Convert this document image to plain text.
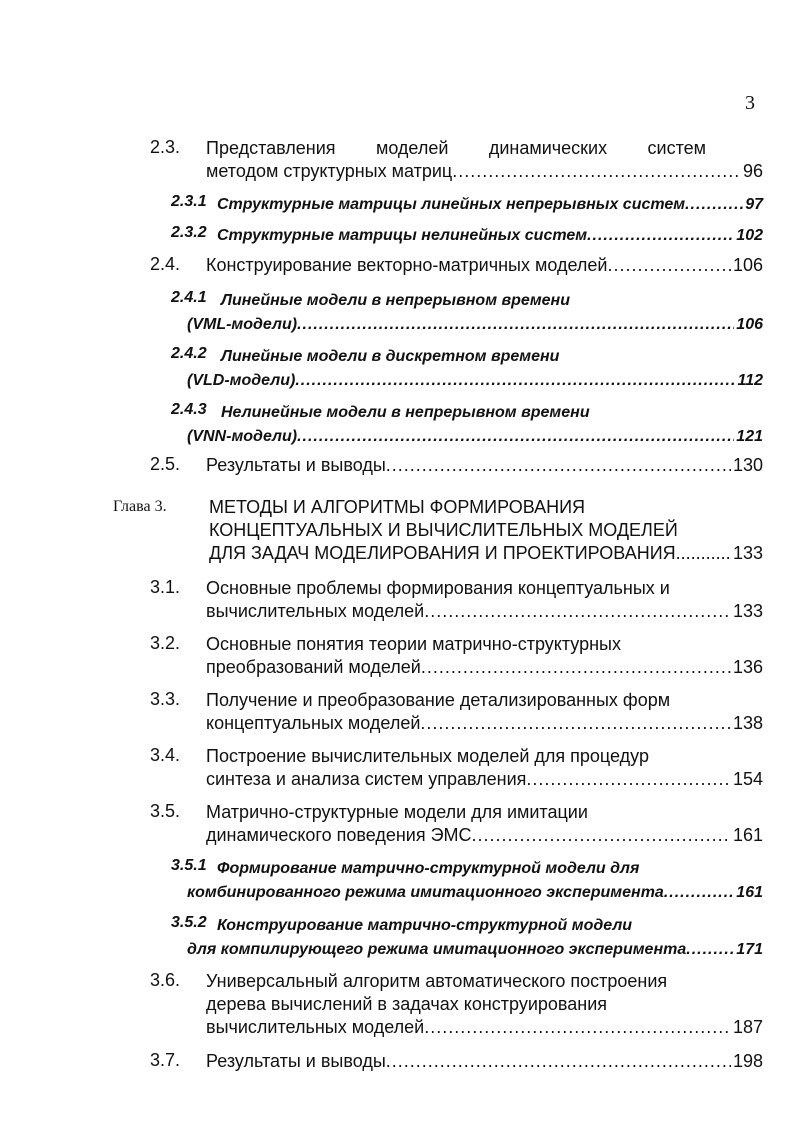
3
2.3. Представления моделей динамических систем
методом структурных матриц .....	96
2.3.1 Структурные матрицы линейных непрерывных систем .....	97
2.3.2 Структурные матрицы нелинейных систем .....	102
2.4. Конструирование векторно-матричных моделей .....	106
2.4.1 Линейные модели в непрерывном времени
(VML-модели) .....	106
2.4.2 Линейные модели в дискретном времени
(VLD-модели) .....	112
2.4.3 Нелинейные модели в непрерывном времени
(VNN-модели) .....	121
2.5. Результаты и выводы .....	130
Глава 3. МЕТОДЫ И АЛГОРИТМЫ ФОРМИРОВАНИЯ
КОНЦЕПТУАЛЬНЫХ И ВЫЧИСЛИТЕЛЬНЫХ МОДЕЛЕЙ
ДЛЯ ЗАДАЧ МОДЕЛИРОВАНИЯ И ПРОЕКТИРОВАНИЯ .....	133
3.1. Основные проблемы формирования концептуальных и
вычислительных моделей .....	133
3.2. Основные понятия теории матрично-структурных
преобразований моделей .....	136
3.3. Получение и преобразование детализированных форм
концептуальных моделей .....	138
3.4. Построение вычислительных моделей для процедур
синтеза и анализа систем управления .....	154
3.5. Матрично-структурные модели для имитации
динамического поведения ЭМС .....	161
3.5.1 Формирование матрично-структурной модели для
комбинированного режима имитационного эксперимента .....	161
3.5.2 Конструирование матрично-структурной модели
для компилирующего режима имитационного эксперимента .....	171
3.6. Универсальный алгоритм автоматического построения
дерева вычислений в задачах конструирования
вычислительных моделей .....	187
3.7. Результаты и выводы .....	198
